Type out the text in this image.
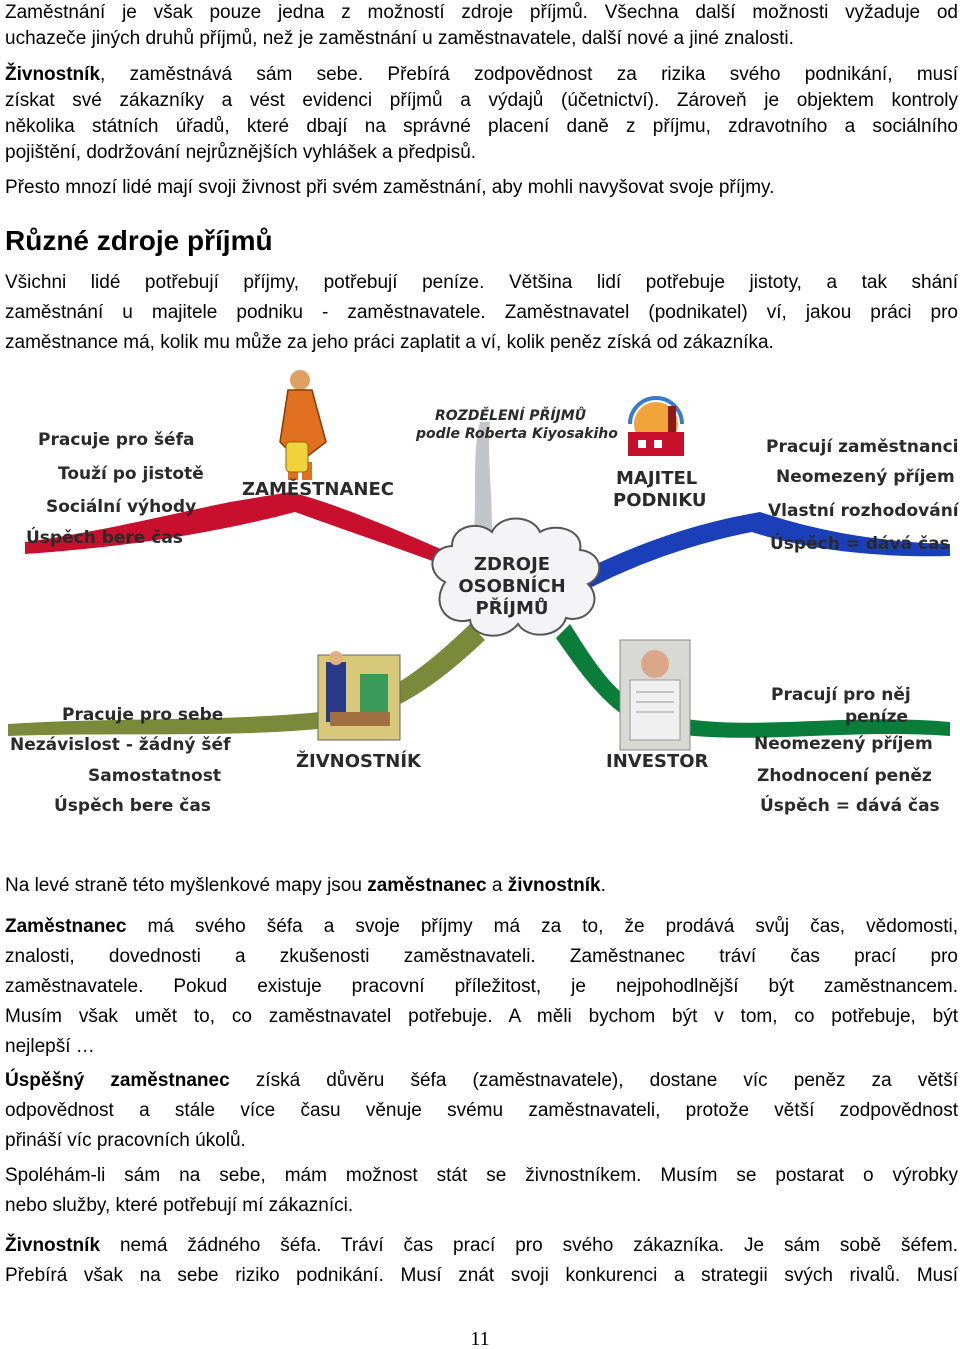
Zaměstnání je však pouze jedna z možností zdroje příjmů. Všechna další možnosti vyžaduje od
uchazeče jiných druhů příjmů, než je zaměstnání u zaměstnavatele, další nové a jiné znalosti.
Živnostník, zaměstnává sám sebe. Přebírá zodpovědnost za rizika svého podnikání, musí
získat své zákazníky a vést evidenci příjmů a výdajů (účetnictví). Zároveň je objektem kontroly
několika státních úřadů, které dbají na správné placení daně z příjmu, zdravotního a sociálního
pojištění, dodržování nejrůznějších vyhlášek a předpisů.
Přesto mnozí lidé mají svoji živnost při svém zaměstnání, aby mohli navyšovat svoje příjmy.
Různé zdroje příjmů
Všichni lidé potřebují příjmy, potřebují peníze. Většina lidí potřebuje jistoty, a tak shání
zaměstnání u majitele podniku - zaměstnavatele. Zaměstnavatel (podnikatel) ví, jakou práci pro
zaměstnance má, kolik mu může za jeho práci zaplatit a ví, kolik peněz získá od zákazníka.
ZDROJE
OSOBNÍCH
PŘÍJMŮ
ROZDĚLENÍ PŘÍJMŮ
podle Roberta Kiyosakiho
ZAMĚSTNANEC
Pracuje pro šéfa
Touží po jistotě
Sociální výhody
Úspěch bere čas
MAJITEL
PODNIKU
Pracují zaměstnanci
Neomezený příjem
Vlastní rozhodování
Úspěch = dává čas
ŽIVNOSTNÍK
Pracuje pro sebe
Nezávislost - žádný šéf
Samostatnost
Úspěch bere čas
INVESTOR
Pracují pro něj
peníze
Neomezený příjem
Zhodnocení peněz
Úspěch = dává čas
Na levé straně této myšlenkové mapy jsou zaměstnanec a živnostník.
Zaměstnanec má svého šéfa a svoje příjmy má za to, že prodává svůj čas, vědomosti,
znalosti, dovednosti a zkušenosti zaměstnavateli. Zaměstnanec tráví čas prací pro
zaměstnavatele. Pokud existuje pracovní příležitost, je nejpohodlnější být zaměstnancem.
Musím však umět to, co zaměstnavatel potřebuje. A měli bychom být v tom, co potřebuje, být
nejlepší …
Úspěšný zaměstnanec získá důvěru šéfa (zaměstnavatele), dostane víc peněz za větší
odpovědnost a stále více času věnuje svému zaměstnavateli, protože větší zodpovědnost
přináší víc pracovních úkolů.
Spoléhám-li sám na sebe, mám možnost stát se živnostníkem. Musím se postarat o výrobky
nebo služby, které potřebují mí zákazníci.
Živnostník nemá žádného šéfa. Tráví čas prací pro svého zákazníka. Je sám sobě šéfem.
Přebírá však na sebe riziko podnikání. Musí znát svoji konkurenci a strategii svých rivalů. Musí
11
